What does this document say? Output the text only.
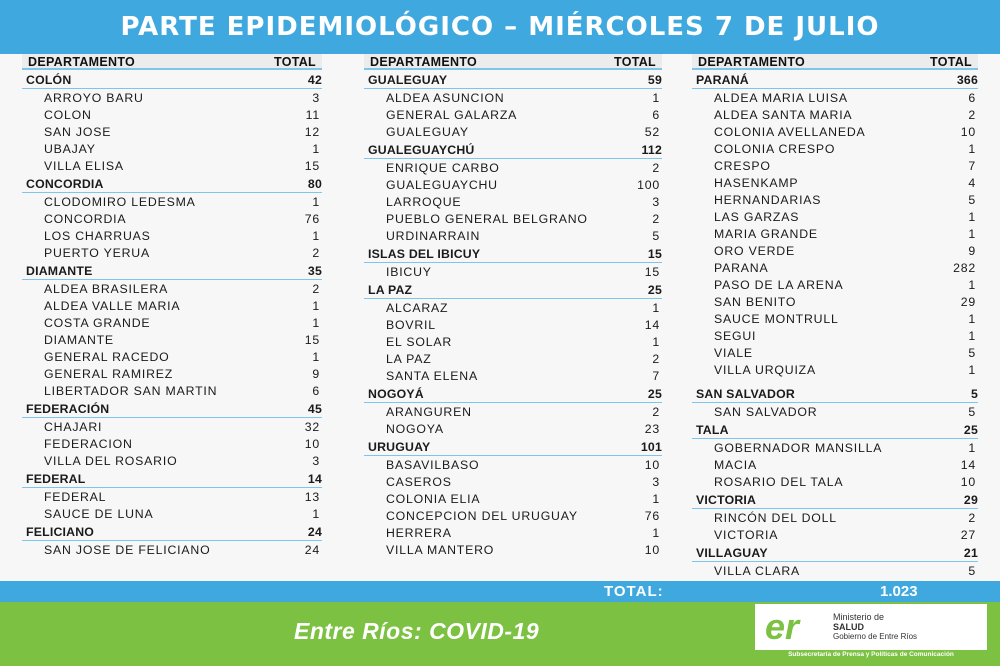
PARTE EPIDEMIOLÓGICO – MIÉRCOLES 7 DE JULIO
DEPARTAMENTO	TOTAL
COLÓN	42
ARROYO BARU	3
COLON	11
SAN JOSE	12
UBAJAY	1
VILLA ELISA	15
CONCORDIA	80
CLODOMIRO LEDESMA	1
CONCORDIA	76
LOS CHARRUAS	1
PUERTO YERUA	2
DIAMANTE	35
ALDEA BRASILERA	2
ALDEA VALLE MARIA	1
COSTA GRANDE	1
DIAMANTE	15
GENERAL RACEDO	1
GENERAL RAMIREZ	9
LIBERTADOR SAN MARTIN	6
FEDERACIÓN	45
CHAJARI	32
FEDERACION	10
VILLA DEL ROSARIO	3
FEDERAL	14
FEDERAL	13
SAUCE DE LUNA	1
FELICIANO	24
SAN JOSE DE FELICIANO	24
DEPARTAMENTO	TOTAL
GUALEGUAY	59
ALDEA ASUNCION	1
GENERAL GALARZA	6
GUALEGUAY	52
GUALEGUAYCHÚ	112
ENRIQUE CARBO	2
GUALEGUAYCHU	100
LARROQUE	3
PUEBLO GENERAL BELGRANO	2
URDINARRAIN	5
ISLAS DEL IBICUY	15
IBICUY	15
LA PAZ	25
ALCARAZ	1
BOVRIL	14
EL SOLAR	1
LA PAZ	2
SANTA ELENA	7
NOGOYÁ	25
ARANGUREN	2
NOGOYA	23
URUGUAY	101
BASAVILBASO	10
CASEROS	3
COLONIA ELIA	1
CONCEPCION DEL URUGUAY	76
HERRERA	1
VILLA MANTERO	10
DEPARTAMENTO	TOTAL
PARANÁ	366
ALDEA MARIA LUISA	6
ALDEA SANTA MARIA	2
COLONIA AVELLANEDA	10
COLONIA CRESPO	1
CRESPO	7
HASENKAMP	4
HERNANDARIAS	5
LAS GARZAS	1
MARIA GRANDE	1
ORO VERDE	9
PARANA	282
PASO DE LA ARENA	1
SAN BENITO	29
SAUCE MONTRULL	1
SEGUI	1
VIALE	5
VILLA URQUIZA	1
SAN SALVADOR	5
SAN SALVADOR	5
TALA	25
GOBERNADOR MANSILLA	1
MACIA	14
ROSARIO DEL TALA	10
VICTORIA	29
RINCÓN DEL DOLL	2
VICTORIA	27
VILLAGUAY	21
VILLA CLARA	5
TOTAL:	1.023
Entre Ríos: COVID-19	er	Ministerio de
SALUD
Gobierno de Entre Ríos
Subsecretaría de Prensa y Políticas de Comunicación
